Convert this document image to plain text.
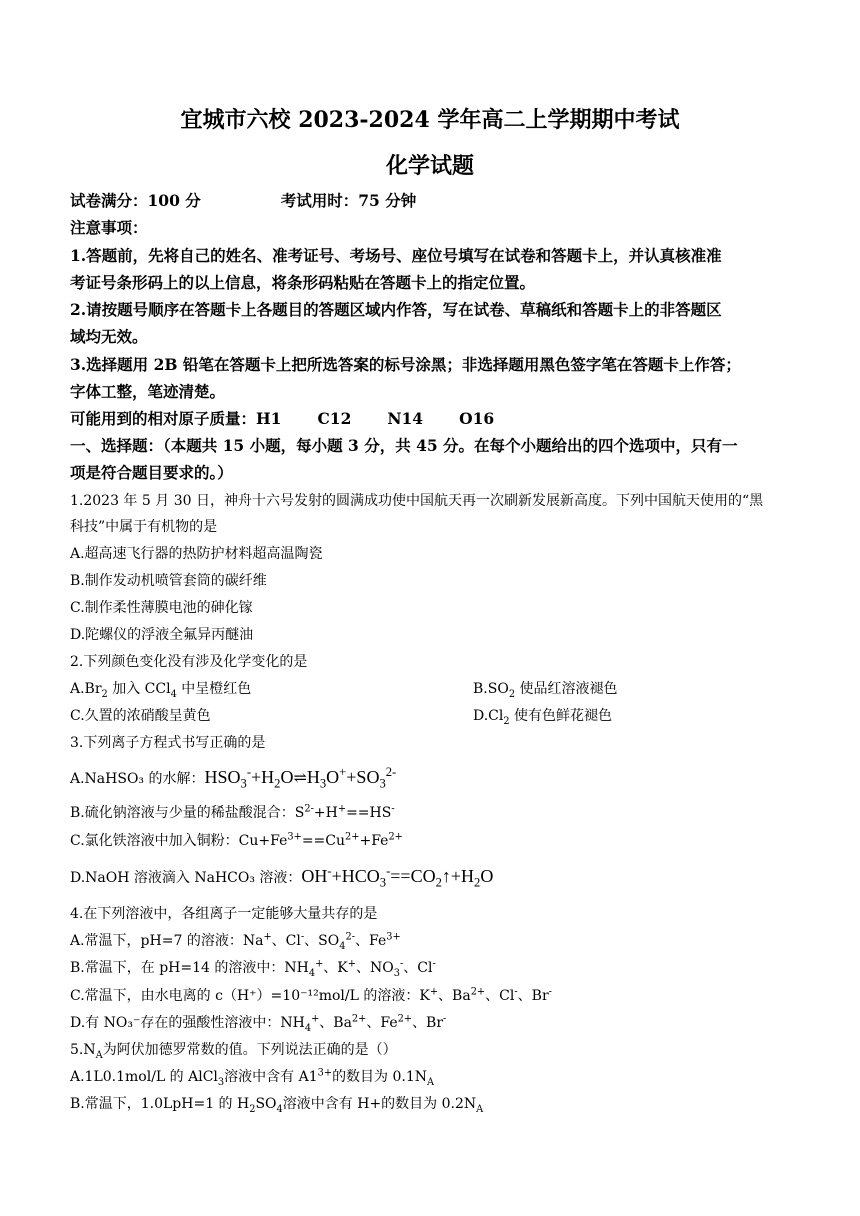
宜城市六校 2023-2024 学年高二上学期期中考试
化学试题
试卷满分：100 分	考试用时：75 分钟
注意事项：
1.答题前，先将自己的姓名、准考证号、考场号、座位号填写在试卷和答题卡上，并认真核准准
考证号条形码上的以上信息，将条形码粘贴在答题卡上的指定位置。
2.请按题号顺序在答题卡上各题目的答题区域内作答，写在试卷、草稿纸和答题卡上的非答题区
域均无效。
3.选择题用 2B 铅笔在答题卡上把所选答案的标号涂黑；非选择题用黑色签字笔在答题卡上作答；
字体工整，笔迹清楚。
可能用到的相对原子质量：H1 C12 N14 O16
一、选择题：（本题共 15 小题，每小题 3 分，共 45 分。在每个小题给出的四个选项中，只有一
项是符合题目要求的。）
1.2023 年 5 月 30 日，神舟十六号发射的圆满成功使中国航天再一次刷新发展新高度。下列中国航天使用的“黑
科技”中属于有机物的是
A.超高速飞行器的热防护材料超高温陶瓷
B.制作发动机喷管套筒的碳纤维
C.制作柔性薄膜电池的砷化镓
D.陀螺仪的浮液全氟异丙醚油
2.下列颜色变化没有涉及化学变化的是
$A.Br_2$ 加入 CCl$_4$ 中呈橙红色	$B.SO_2$ 使品红溶液褪色
C.久置的浓硝酸呈黄色	$D.Cl_2$ 使有色鲜花褪色
3.下列离子方程式书写正确的是
A.NaHSO₃ 的水解：$HSO_3^-+H_2O\rightleftharpoons H_3O^++SO_3^{2-}$
B.硫化钠溶液与少量的稀盐酸混合：$S^{2-}+H^+==HS^-$
C.氯化铁溶液中加入铜粉：$Cu+Fe^{3+}==Cu^{2+}+Fe^{2+}$
D.NaOH 溶液滴入 NaHCO₃ 溶液：$OH^-+HCO_3^-==CO_2↑+H_2O$
4.在下列溶液中，各组离子一定能够大量共存的是
A.常温下，pH=7 的溶液：Na+、Cl-、$SO_4^{2-}$、$Fe^{3+}$
B.常温下，在 pH=14 的溶液中：$NH_4^+$、K+、$NO_3^-$、Cl-
C.常温下，由水电离的 c（H⁺）=10⁻¹²mol/L 的溶液：K+、$Ba^{2+}$、Cl-、Br-
D.有 NO₃⁻存在的强酸性溶液中：$NH_4^+$、$Ba^{2+}$、$Fe^{2+}$、Br-
$5.N_A$为阿伏加德罗常数的值。下列说法正确的是（）
A.1L0.1mol/L 的 AlCl$_3$溶液中含有 $A1^{3+}$的数目为 $0.1N_A$
B.常温下，1.0LpH=1 的 $H_2SO_4$溶液中含有 H+的数目为 $0.2N_A$
